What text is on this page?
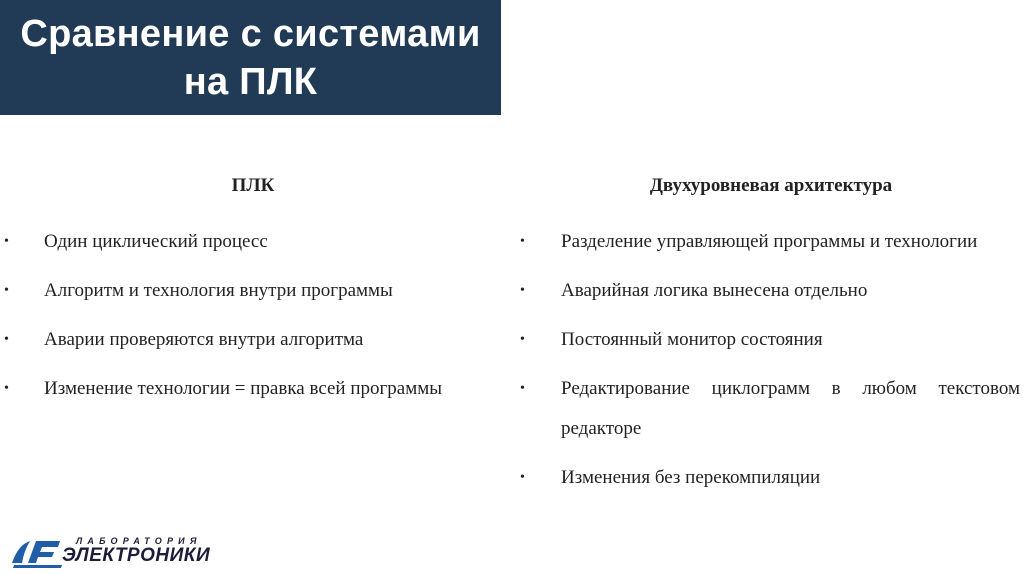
Сравнение с системами на ПЛК
ПЛК
• Один циклический процесс
• Алгоритм и технология внутри программы
• Аварии проверяются внутри алгоритма
• Изменение технологии = правка всей программы
Двухуровневая архитектура
• Разделение управляющей программы и технологии
• Аварийная логика вынесена отдельно
• Постоянный монитор состояния
• Редактирование циклограмм в любом текстовом редакторе
• Изменения без перекомпиляции
ЛАБОРАТОРИЯ
ЭЛЕКТРОНИКИ
